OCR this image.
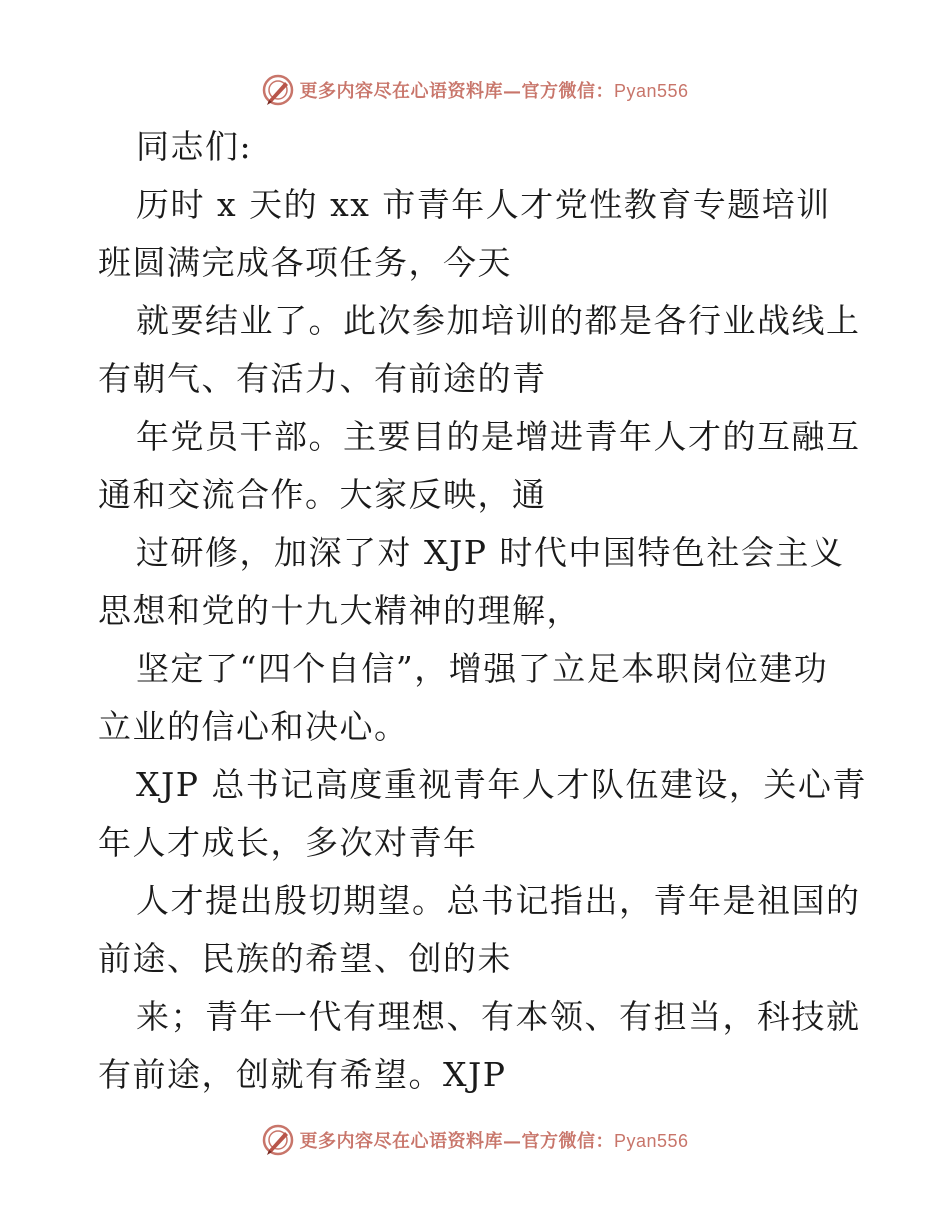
更多内容尽在心语资料库—官方微信：Pyan556
同志们:
历时 x 天的 xx 市青年人才党性教育专题培训
班圆满完成各项任务，今天
就要结业了。此次参加培训的都是各行业战线上
有朝气、有活力、有前途的青
年党员干部。主要目的是增进青年人才的互融互
通和交流合作。大家反映，通
过研修，加深了对 XJP 时代中国特色社会主义
思想和党的十九大精神的理解，
坚定了“四个自信”，增强了立足本职岗位建功
立业的信心和决心。
XJP 总书记高度重视青年人才队伍建设，关心青
年人才成长，多次对青年
人才提出殷切期望。总书记指出，青年是祖国的
前途、民族的希望、创的未
来；青年一代有理想、有本领、有担当，科技就
有前途，创就有希望。XJP
更多内容尽在心语资料库—官方微信：Pyan556
